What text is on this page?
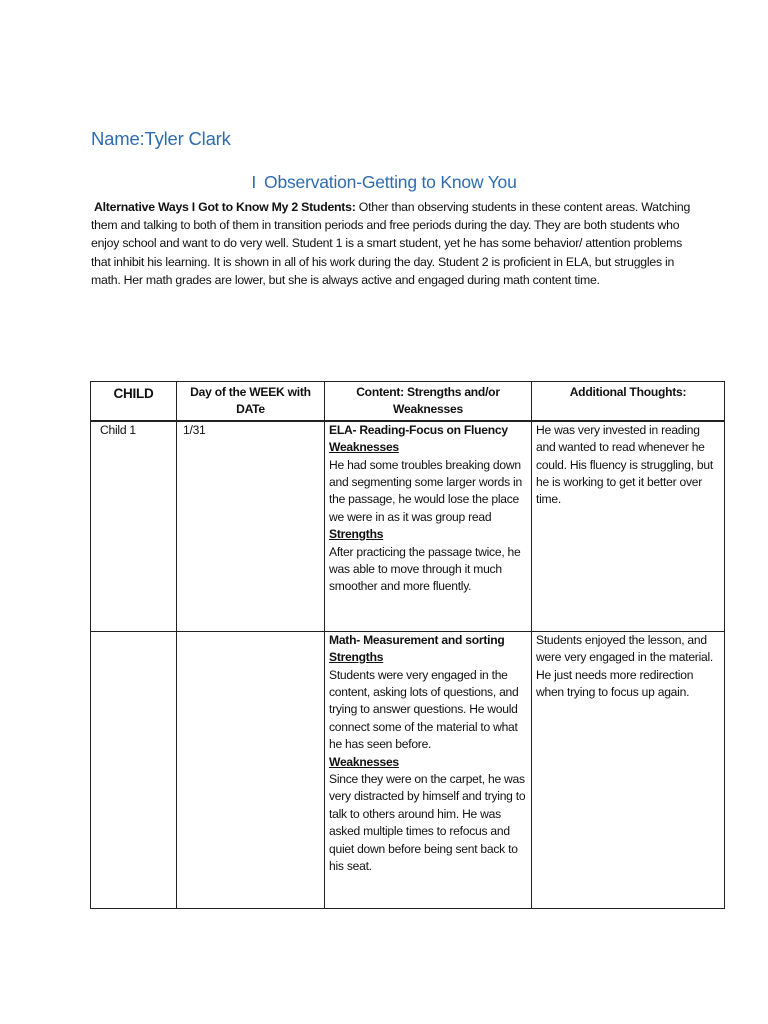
Name:Tyler Clark
I Observation-Getting to Know You
Alternative Ways I Got to Know My 2 Students: Other than observing students in these content areas. Watching them and talking to both of them in transition periods and free periods during the day. They are both students who enjoy school and want to do very well. Student 1 is a smart student, yet he has some behavior/ attention problems that inhibit his learning. It is shown in all of his work during the day. Student 2 is proficient in ELA, but struggles in math. Her math grades are lower, but she is always active and engaged during math content time.
CHILD	Day of the WEEK with DATe	Content: Strengths and/or Weaknesses	Additional Thoughts:
Child 1	1/31	ELA- Reading-Focus on Fluency
Weaknesses
He had some troubles breaking down and segmenting some larger words in the passage, he would lose the place we were in as it was group read
Strengths
After practicing the passage twice, he was able to move through it much smoother and more fluently.	He was very invested in reading and wanted to read whenever he could. His fluency is struggling, but he is working to get it better over time.

		Math- Measurement and sorting
Strengths
Students were very engaged in the content, asking lots of questions, and trying to answer questions. He would connect some of the material to what he has seen before.
Weaknesses
Since they were on the carpet, he was very distracted by himself and trying to talk to others around him. He was asked multiple times to refocus and quiet down before being sent back to his seat.	Students enjoyed the lesson, and were very engaged in the material. He just needs more redirection when trying to focus up again.
